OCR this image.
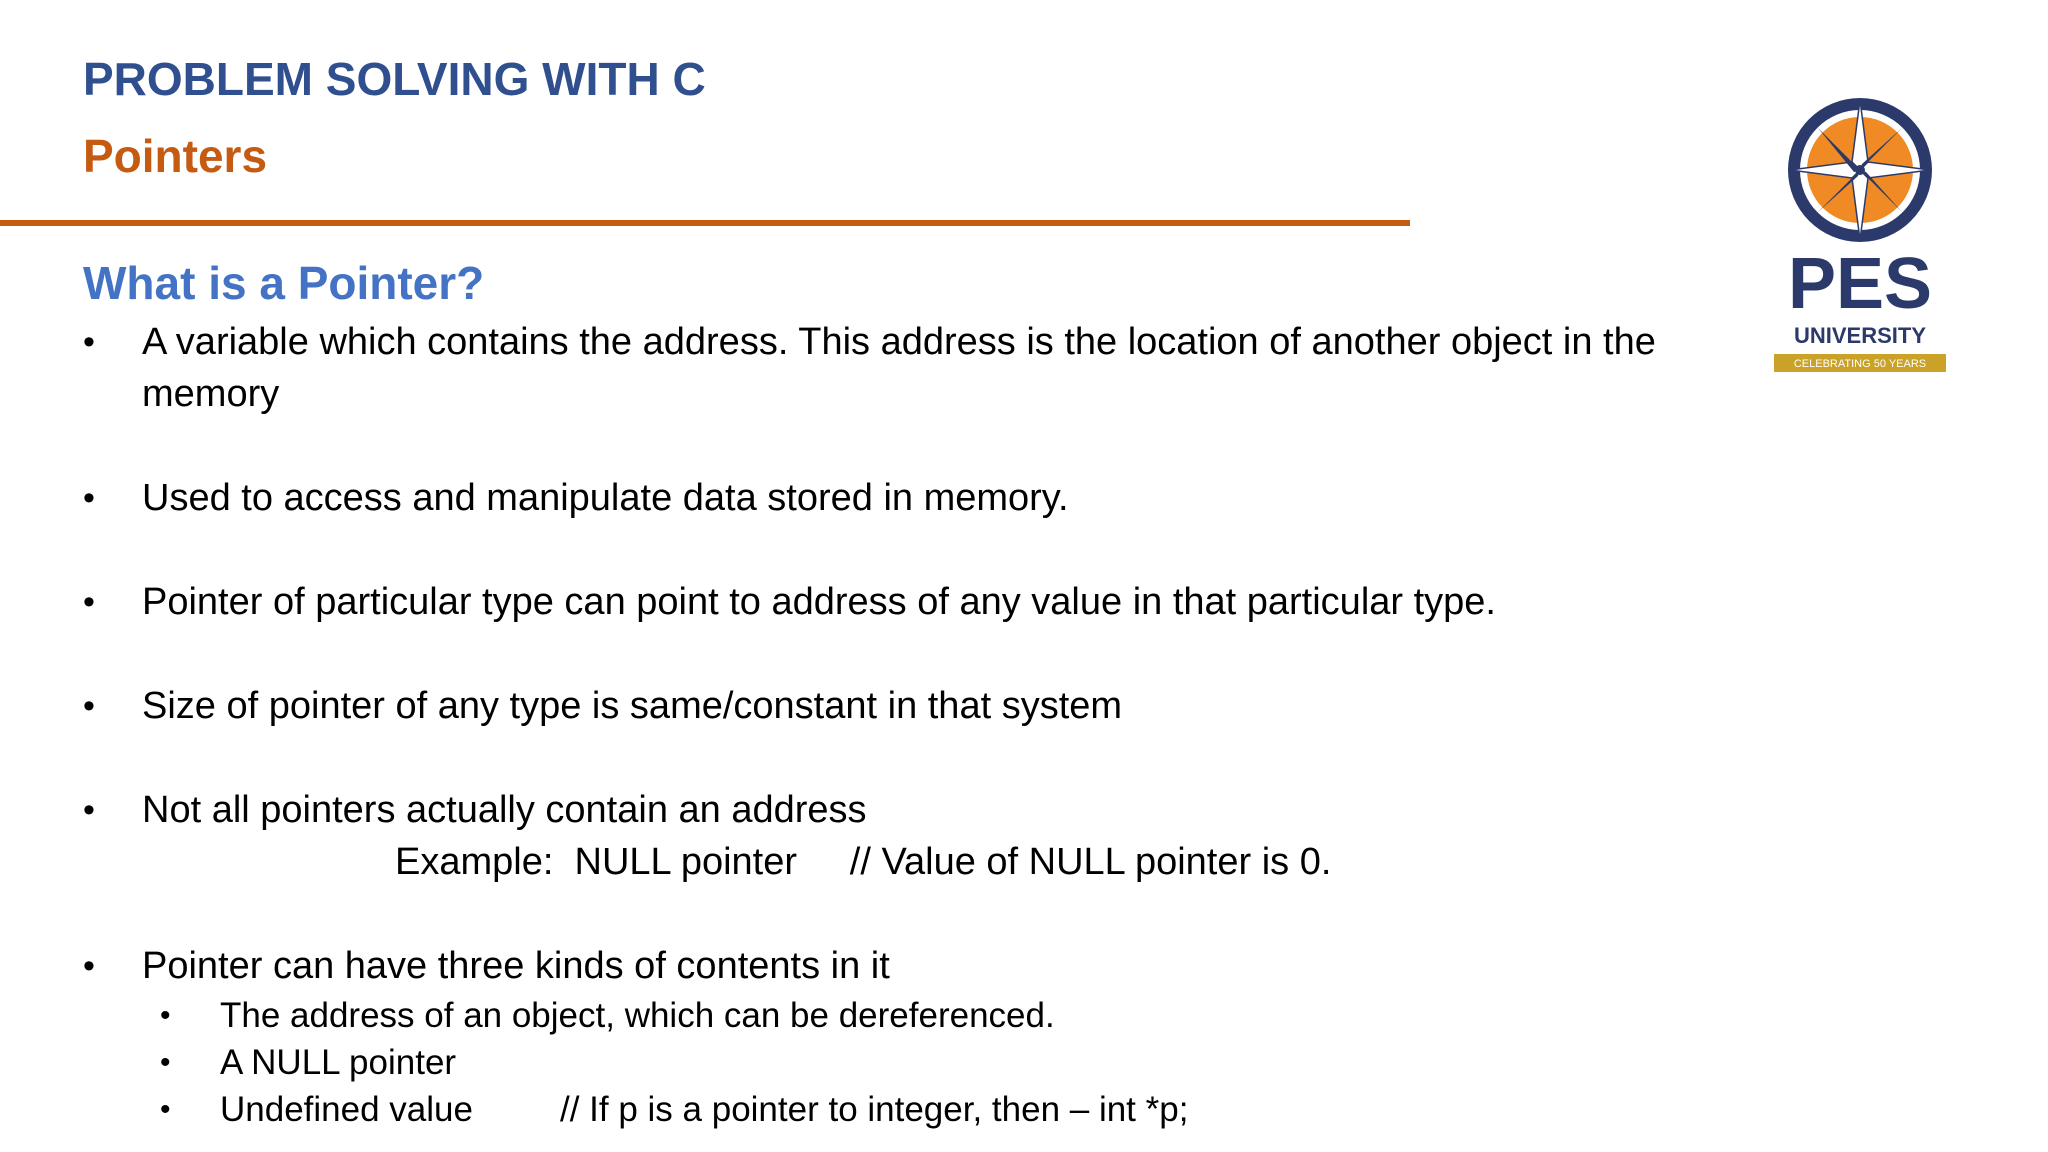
PROBLEM SOLVING WITH C
Pointers
What is a Pointer?
• A variable which contains the address. This address is the location of another object in the
memory
• Used to access and manipulate data stored in memory.
• Pointer of particular type can point to address of any value in that particular type.
• Size of pointer of any type is same/constant in that system
• Not all pointers actually contain an address
Example:  NULL pointer     // Value of NULL pointer is 0.
• Pointer can have three kinds of contents in it
• The address of an object, which can be dereferenced.
• A NULL pointer
• Undefined value // If p is a pointer to integer, then – int *p;
PES
UNIVERSITY
CELEBRATING 50 YEARS
